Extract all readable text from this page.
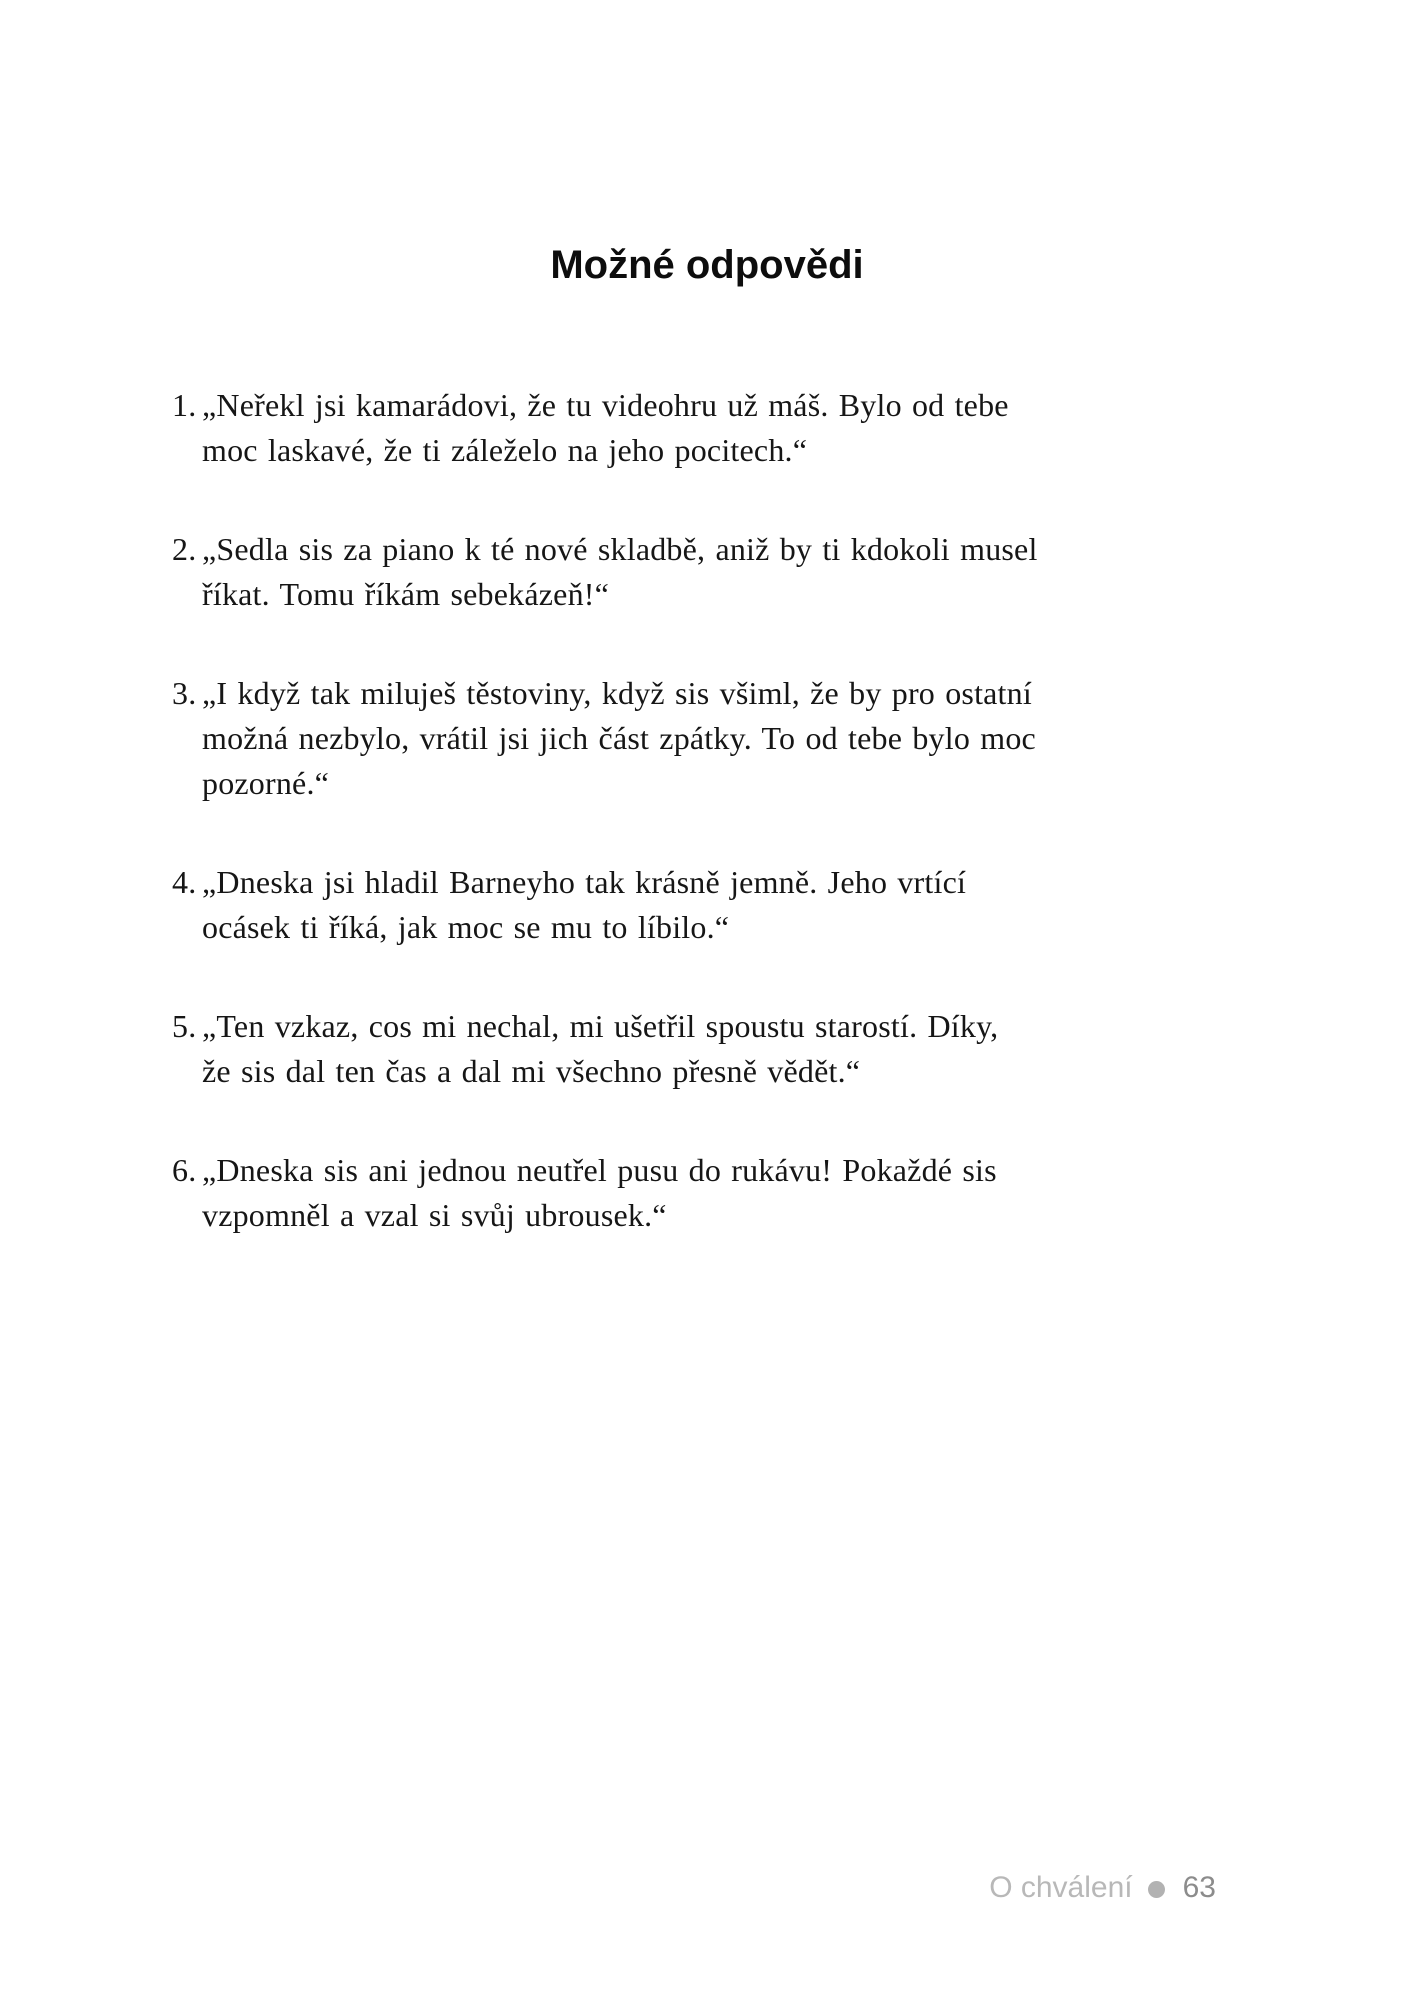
Možné odpovědi
1. „Neřekl jsi kamarádovi, že tu videohru už máš. Bylo od tebe
moc laskavé, že ti záleželo na jeho pocitech.“
2. „Sedla sis za piano k té nové skladbě, aniž by ti kdokoli musel
říkat. Tomu říkám sebekázeň!“
3. „I když tak miluješ těstoviny, když sis všiml, že by pro ostatní
možná nezbylo, vrátil jsi jich část zpátky. To od tebe bylo moc
pozorné.“
4. „Dneska jsi hladil Barneyho tak krásně jemně. Jeho vrtící
ocásek ti říká, jak moc se mu to líbilo.“
5. „Ten vzkaz, cos mi nechal, mi ušetřil spoustu starostí. Díky,
že sis dal ten čas a dal mi všechno přesně vědět.“
6. „Dneska sis ani jednou neutřel pusu do rukávu! Pokaždé sis
vzpomněl a vzal si svůj ubrousek.“
O chválení 63
